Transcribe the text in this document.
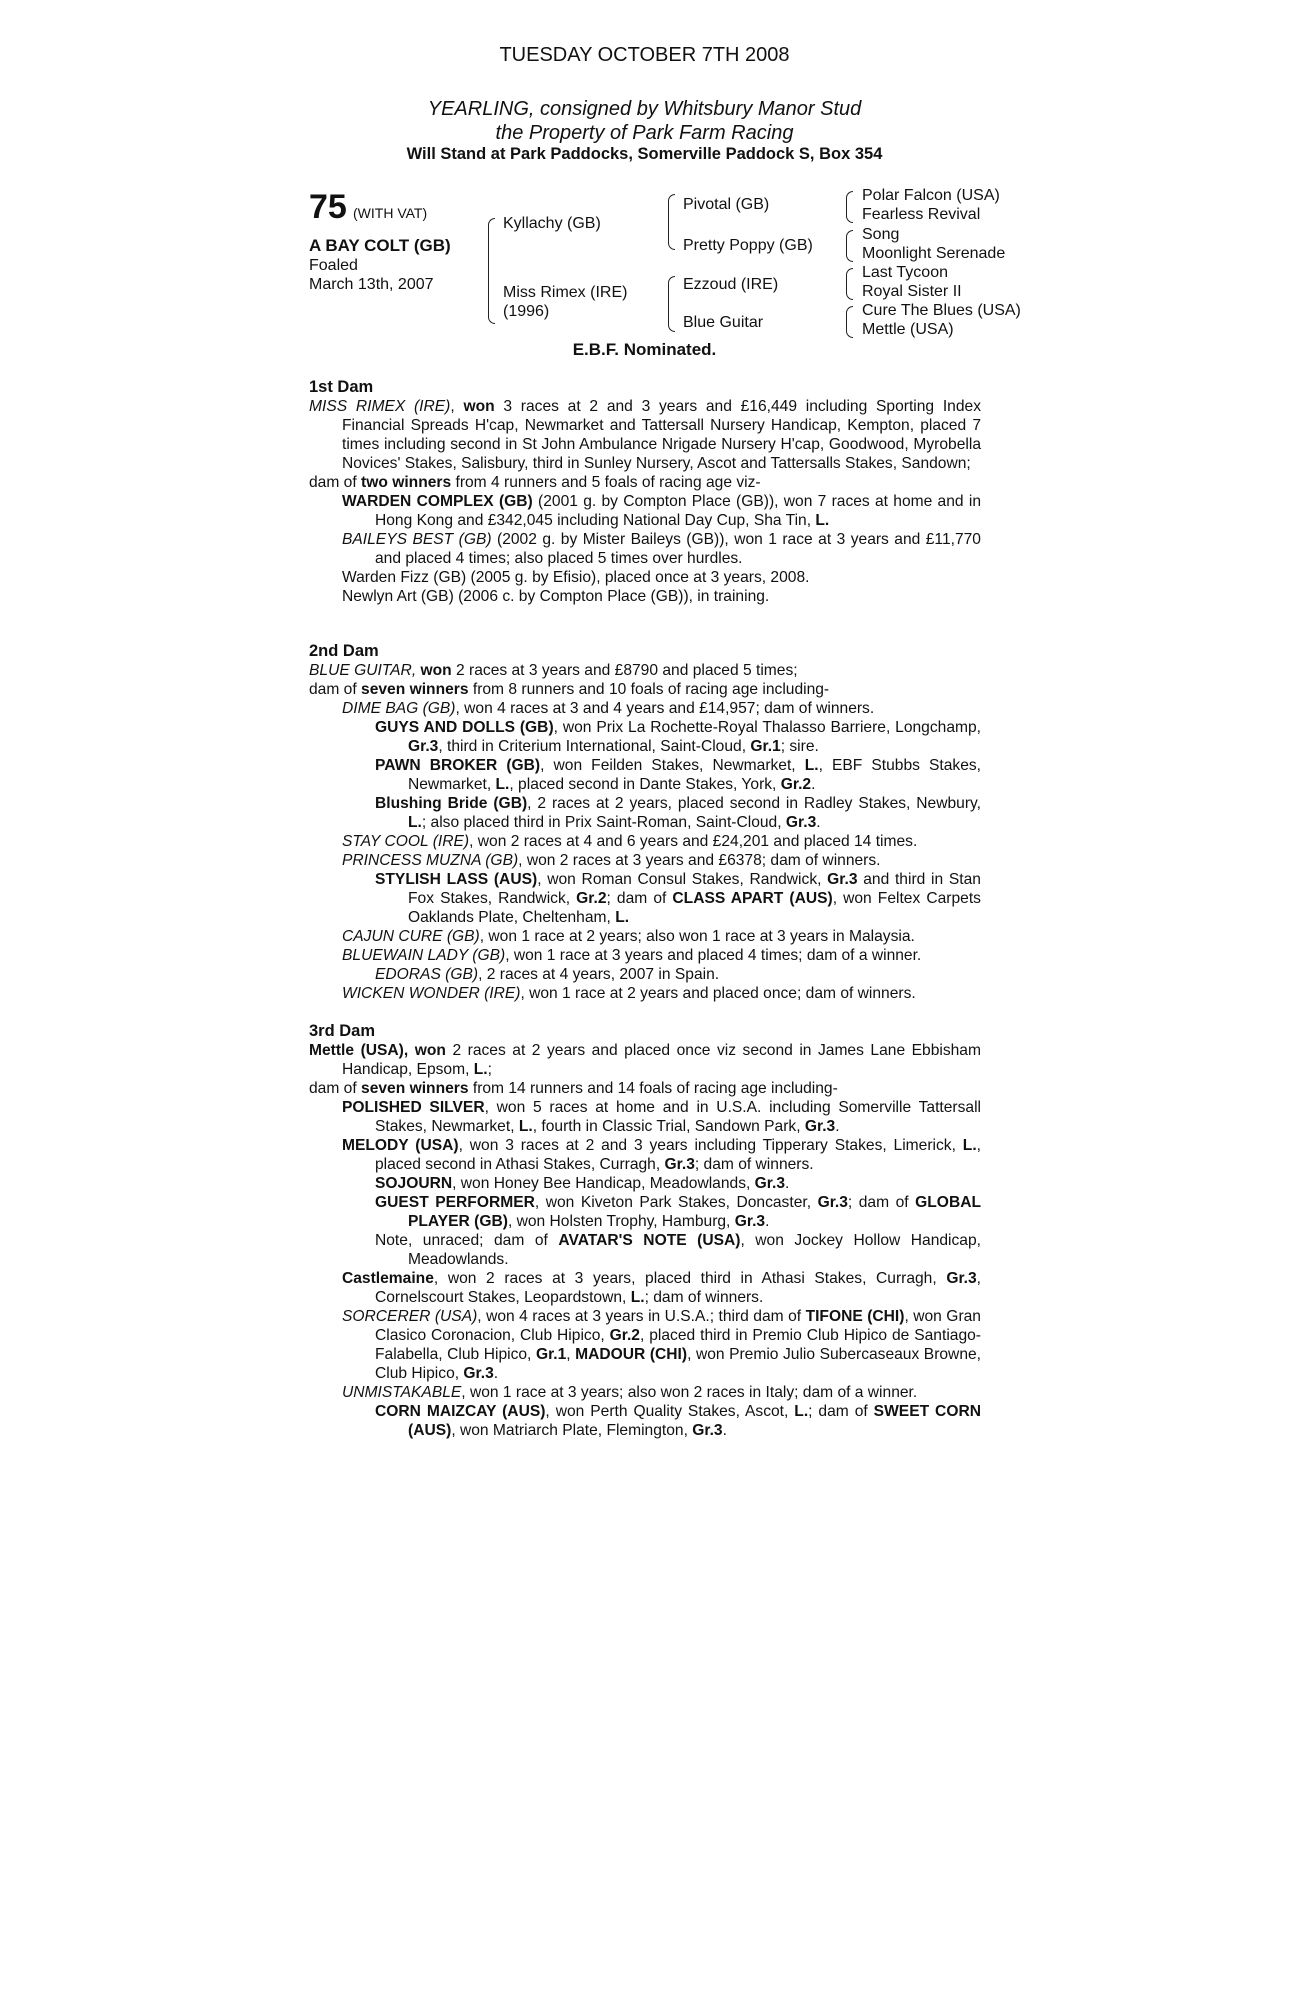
TUESDAY OCTOBER 7TH 2008
YEARLING, consigned by Whitsbury Manor Stud
the Property of Park Farm Racing
Will Stand at Park Paddocks, Somerville Paddock S, Box 354
75 (WITH VAT)
A BAY COLT (GB)
Foaled
March 13th, 2007
Kyllachy (GB)
Miss Rimex (IRE)
(1996)
Pivotal (GB)
Pretty Poppy (GB)
Ezzoud (IRE)
Blue Guitar
Polar Falcon (USA)
Fearless Revival
Song
Moonlight Serenade
Last Tycoon
Royal Sister II
Cure The Blues (USA)
Mettle (USA)
E.B.F. Nominated.

1st Dam

MISS RIMEX (IRE), won 3 races at 2 and 3 years and £16,449 including Sporting Index Financial Spreads H'cap, Newmarket and Tattersall Nursery Handicap, Kempton, placed 7 times including second in St John Ambulance Nrigade Nursery H'cap, Goodwood, Myrobella Novices' Stakes, Salisbury, third in Sunley Nursery, Ascot and Tattersalls Stakes, Sandown;

dam of two winners from 4 runners and 5 foals of racing age viz-

WARDEN COMPLEX (GB) (2001 g. by Compton Place (GB)), won 7 races at home and in Hong Kong and £342,045 including National Day Cup, Sha Tin, L.

BAILEYS BEST (GB) (2002 g. by Mister Baileys (GB)), won 1 race at 3 years and £11,770 and placed 4 times; also placed 5 times over hurdles.

Warden Fizz (GB) (2005 g. by Efisio), placed once at 3 years, 2008.

Newlyn Art (GB) (2006 c. by Compton Place (GB)), in training.

2nd Dam

BLUE GUITAR, won 2 races at 3 years and £8790 and placed 5 times;

dam of seven winners from 8 runners and 10 foals of racing age including-

DIME BAG (GB), won 4 races at 3 and 4 years and £14,957; dam of winners.

GUYS AND DOLLS (GB), won Prix La Rochette-Royal Thalasso Barriere, Longchamp, Gr.3, third in Criterium International, Saint-Cloud, Gr.1; sire.

PAWN BROKER (GB), won Feilden Stakes, Newmarket, L., EBF Stubbs Stakes, Newmarket, L., placed second in Dante Stakes, York, Gr.2.

Blushing Bride (GB), 2 races at 2 years, placed second in Radley Stakes, Newbury, L.; also placed third in Prix Saint-Roman, Saint-Cloud, Gr.3.

STAY COOL (IRE), won 2 races at 4 and 6 years and £24,201 and placed 14 times.

PRINCESS MUZNA (GB), won 2 races at 3 years and £6378; dam of winners.

STYLISH LASS (AUS), won Roman Consul Stakes, Randwick, Gr.3 and third in Stan Fox Stakes, Randwick, Gr.2; dam of CLASS APART (AUS), won Feltex Carpets Oaklands Plate, Cheltenham, L.

CAJUN CURE (GB), won 1 race at 2 years; also won 1 race at 3 years in Malaysia.

BLUEWAIN LADY (GB), won 1 race at 3 years and placed 4 times; dam of a winner.

EDORAS (GB), 2 races at 4 years, 2007 in Spain.

WICKEN WONDER (IRE), won 1 race at 2 years and placed once; dam of winners.

3rd Dam

Mettle (USA), won 2 races at 2 years and placed once viz second in James Lane Ebbisham Handicap, Epsom, L.;

dam of seven winners from 14 runners and 14 foals of racing age including-

POLISHED SILVER, won 5 races at home and in U.S.A. including Somerville Tattersall Stakes, Newmarket, L., fourth in Classic Trial, Sandown Park, Gr.3.

MELODY (USA), won 3 races at 2 and 3 years including Tipperary Stakes, Limerick, L., placed second in Athasi Stakes, Curragh, Gr.3; dam of winners.

SOJOURN, won Honey Bee Handicap, Meadowlands, Gr.3.

GUEST PERFORMER, won Kiveton Park Stakes, Doncaster, Gr.3; dam of GLOBAL PLAYER (GB), won Holsten Trophy, Hamburg, Gr.3.

Note, unraced; dam of AVATAR'S NOTE (USA), won Jockey Hollow Handicap, Meadowlands.

Castlemaine, won 2 races at 3 years, placed third in Athasi Stakes, Curragh, Gr.3, Cornelscourt Stakes, Leopardstown, L.; dam of winners.

SORCERER (USA), won 4 races at 3 years in U.S.A.; third dam of TIFONE (CHI), won Gran Clasico Coronacion, Club Hipico, Gr.2, placed third in Premio Club Hipico de Santiago-Falabella, Club Hipico, Gr.1, MADOUR (CHI), won Premio Julio Subercaseaux Browne, Club Hipico, Gr.3.

UNMISTAKABLE, won 1 race at 3 years; also won 2 races in Italy; dam of a winner.

CORN MAIZCAY (AUS), won Perth Quality Stakes, Ascot, L.; dam of SWEET CORN (AUS), won Matriarch Plate, Flemington, Gr.3.
